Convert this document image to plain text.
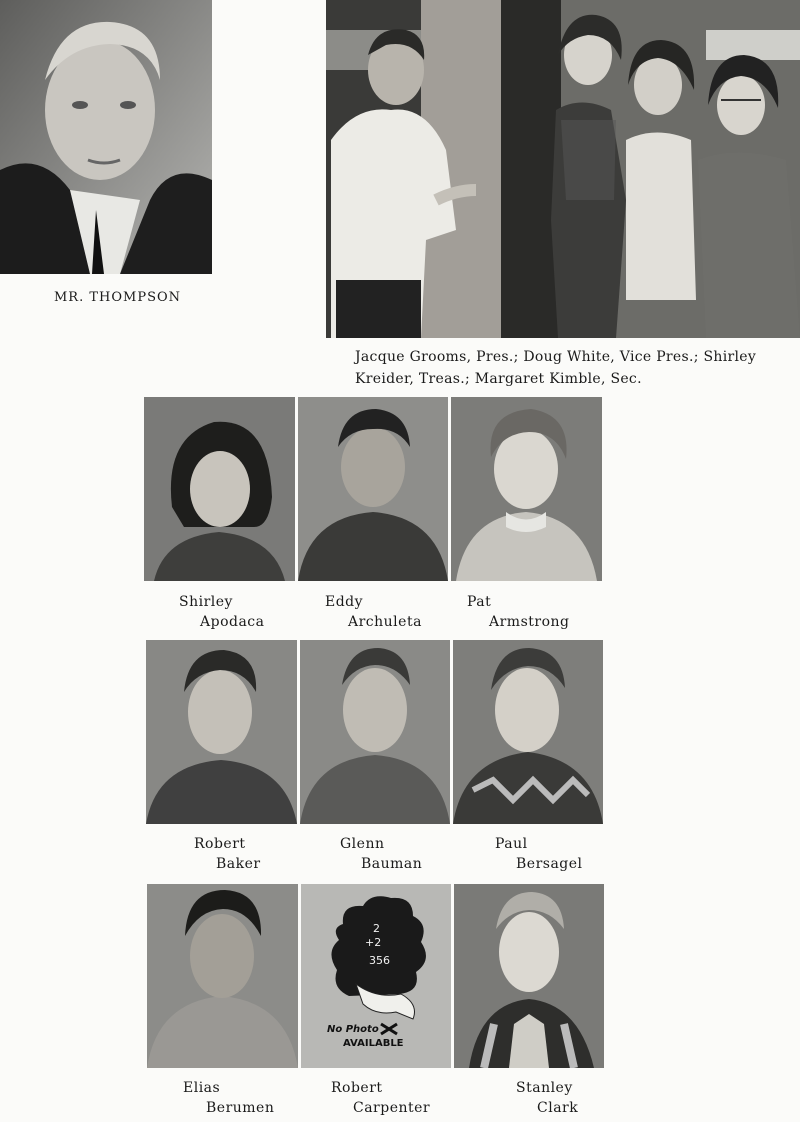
MR. THOMPSON
Jacque Grooms, Pres.; Doug White, Vice Pres.; Shirley Kreider, Treas.; Margaret Kimble, Sec.
Shirley
Apodaca
Eddy
Archuleta
Pat
Armstrong
Robert
Baker
Glenn
Bauman
Paul
Bersagel
2
+2
356
No Photo
AVAILABLE
Elias
Berumen
Robert
Carpenter
Stanley
Clark
